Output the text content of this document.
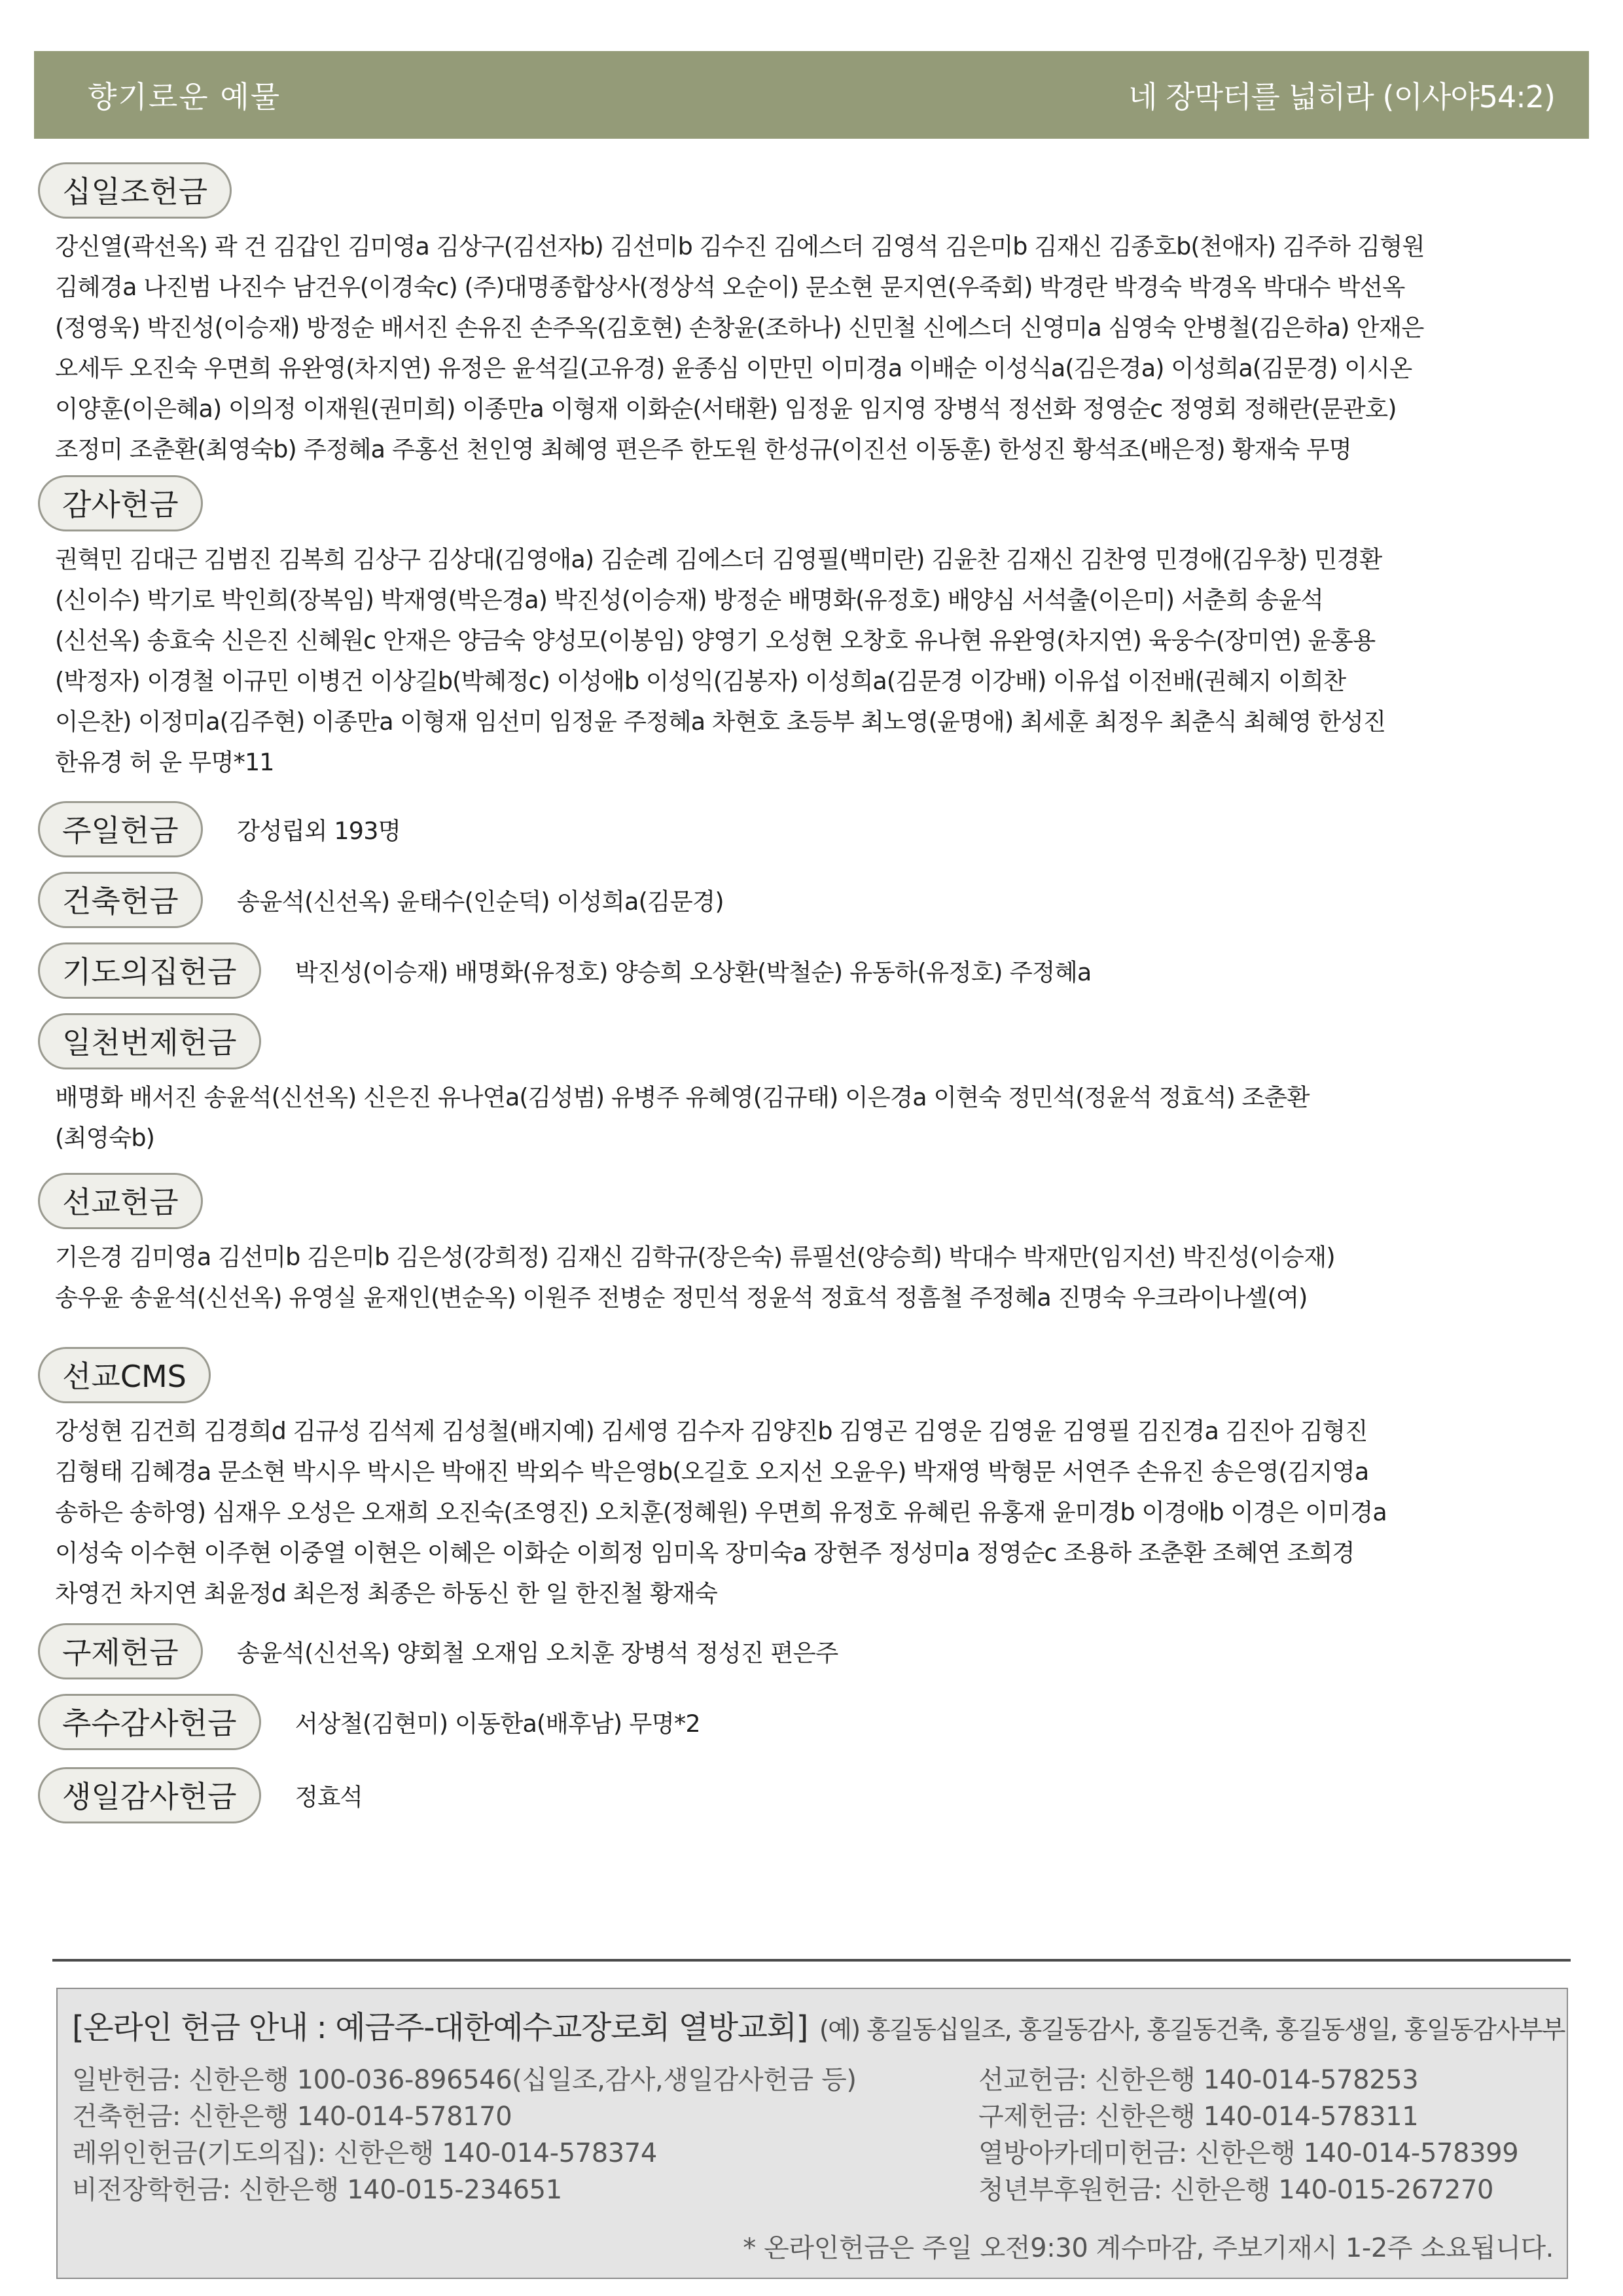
향기로운 예물	네 장막터를 넓히라 (이사야54:2)
십일조헌금
강신열(곽선옥) 곽 건 김갑인 김미영a 김상구(김선자b) 김선미b 김수진 김에스더 김영석 김은미b 김재신 김종호b(천애자) 김주하 김형원
김혜경a 나진범 나진수 남건우(이경숙c) (주)대명종합상사(정상석 오순이) 문소현 문지연(우죽회) 박경란 박경숙 박경옥 박대수 박선옥
(정영욱) 박진성(이승재) 방정순 배서진 손유진 손주옥(김호현) 손창윤(조하나) 신민철 신에스더 신영미a 심영숙 안병철(김은하a) 안재은
오세두 오진숙 우면희 유완영(차지연) 유정은 윤석길(고유경) 윤종심 이만민 이미경a 이배순 이성식a(김은경a) 이성희a(김문경) 이시온
이양훈(이은혜a) 이의정 이재원(권미희) 이종만a 이형재 이화순(서태환) 임정윤 임지영 장병석 정선화 정영순c 정영회 정해란(문관호)
조정미 조춘환(최영숙b) 주정혜a 주홍선 천인영 최혜영 편은주 한도원 한성규(이진선 이동훈) 한성진 황석조(배은정) 황재숙 무명
감사헌금
권혁민 김대근 김범진 김복희 김상구 김상대(김영애a) 김순례 김에스더 김영필(백미란) 김윤찬 김재신 김찬영 민경애(김우창) 민경환
(신이수) 박기로 박인희(장복임) 박재영(박은경a) 박진성(이승재) 방정순 배명화(유정호) 배양심 서석출(이은미) 서춘희 송윤석
(신선옥) 송효숙 신은진 신혜원c 안재은 양금숙 양성모(이봉임) 양영기 오성현 오창호 유나현 유완영(차지연) 육웅수(장미연) 윤홍용
(박정자) 이경철 이규민 이병건 이상길b(박혜정c) 이성애b 이성익(김봉자) 이성희a(김문경 이강배) 이유섭 이전배(권혜지 이희찬
이은찬) 이정미a(김주현) 이종만a 이형재 임선미 임정윤 주정혜a 차현호 초등부 최노영(윤명애) 최세훈 최정우 최춘식 최혜영 한성진
한유경 허 운 무명*11
주일헌금	강성립외 193명
건축헌금	송윤석(신선옥) 윤태수(인순덕) 이성희a(김문경)
기도의집헌금	박진성(이승재) 배명화(유정호) 양승희 오상환(박철순) 유동하(유정호) 주정혜a
일천번제헌금
배명화 배서진 송윤석(신선옥) 신은진 유나연a(김성범) 유병주 유혜영(김규태) 이은경a 이현숙 정민석(정윤석 정효석) 조춘환
(최영숙b)
선교헌금
기은경 김미영a 김선미b 김은미b 김은성(강희정) 김재신 김학규(장은숙) 류필선(양승희) 박대수 박재만(임지선) 박진성(이승재)
송우윤 송윤석(신선옥) 유영실 윤재인(변순옥) 이원주 전병순 정민석 정윤석 정효석 정흠철 주정혜a 진명숙 우크라이나셀(여)
선교CMS
강성현 김건희 김경희d 김규성 김석제 김성철(배지예) 김세영 김수자 김양진b 김영곤 김영운 김영윤 김영필 김진경a 김진아 김형진
김형태 김혜경a 문소현 박시우 박시은 박애진 박외수 박은영b(오길호 오지선 오윤우) 박재영 박형문 서연주 손유진 송은영(김지영a
송하은 송하영) 심재우 오성은 오재희 오진숙(조영진) 오치훈(정혜원) 우면희 유정호 유혜린 유홍재 윤미경b 이경애b 이경은 이미경a
이성숙 이수현 이주현 이중열 이현은 이혜은 이화순 이희정 임미옥 장미숙a 장현주 정성미a 정영순c 조용하 조춘환 조혜연 조희경
차영건 차지연 최윤정d 최은정 최종은 하동신 한 일 한진철 황재숙
구제헌금	송윤석(신선옥) 양회철 오재임 오치훈 장병석 정성진 편은주
추수감사헌금	서상철(김현미) 이동한a(배후남) 무명*2
생일감사헌금	정효석
[온라인 헌금 안내 : 예금주-대한예수교장로회 열방교회] (예) 홍길동십일조, 홍길동감사, 홍길동건축, 홍길동생일, 홍일동감사부부
일반헌금: 신한은행 100-036-896546(십일조,감사,생일감사헌금 등)
건축헌금: 신한은행 140-014-578170
레위인헌금(기도의집): 신한은행 140-014-578374
비전장학헌금: 신한은행 140-015-234651
선교헌금: 신한은행 140-014-578253
구제헌금: 신한은행 140-014-578311
열방아카데미헌금: 신한은행 140-014-578399
청년부후원헌금: 신한은행 140-015-267270
* 온라인헌금은 주일 오전9:30 계수마감, 주보기재시 1-2주 소요됩니다.
